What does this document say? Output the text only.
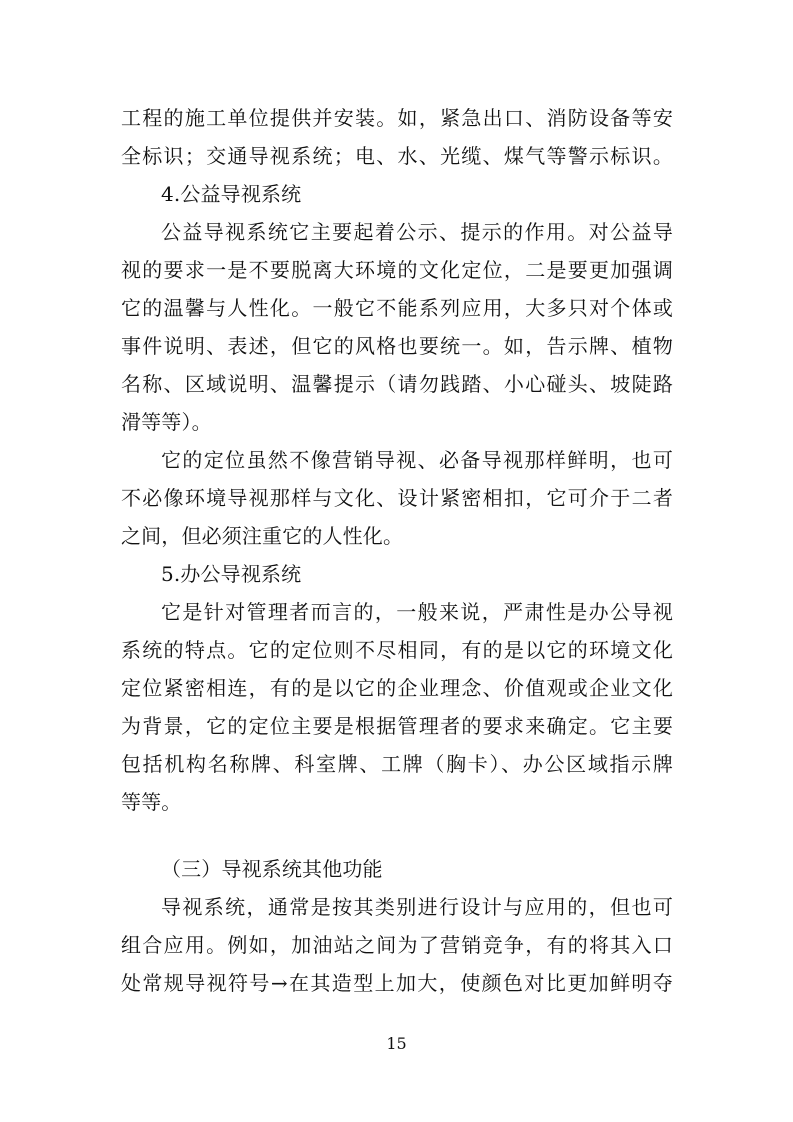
工程的施工单位提供并安装。如，紧急出口、消防设备等安
全标识；交通导视系统；电、水、光缆、煤气等警示标识。
4.公益导视系统
公益导视系统它主要起着公示、提示的作用。对公益导
视的要求一是不要脱离大环境的文化定位，二是要更加强调
它的温馨与人性化。一般它不能系列应用，大多只对个体或
事件说明、表述，但它的风格也要统一。如，告示牌、植物
名称、区域说明、温馨提示（请勿践踏、小心碰头、坡陡路
滑等等）。
它的定位虽然不像营销导视、必备导视那样鲜明，也可
不必像环境导视那样与文化、设计紧密相扣，它可介于二者
之间，但必须注重它的人性化。
5.办公导视系统
它是针对管理者而言的，一般来说，严肃性是办公导视
系统的特点。它的定位则不尽相同，有的是以它的环境文化
定位紧密相连，有的是以它的企业理念、价值观或企业文化
为背景，它的定位主要是根据管理者的要求来确定。它主要
包括机构名称牌、科室牌、工牌（胸卡）、办公区域指示牌
等等。
（三）导视系统其他功能
导视系统，通常是按其类别进行设计与应用的，但也可
组合应用。例如，加油站之间为了营销竞争，有的将其入口
处常规导视符号→在其造型上加大，使颜色对比更加鲜明夺
15
